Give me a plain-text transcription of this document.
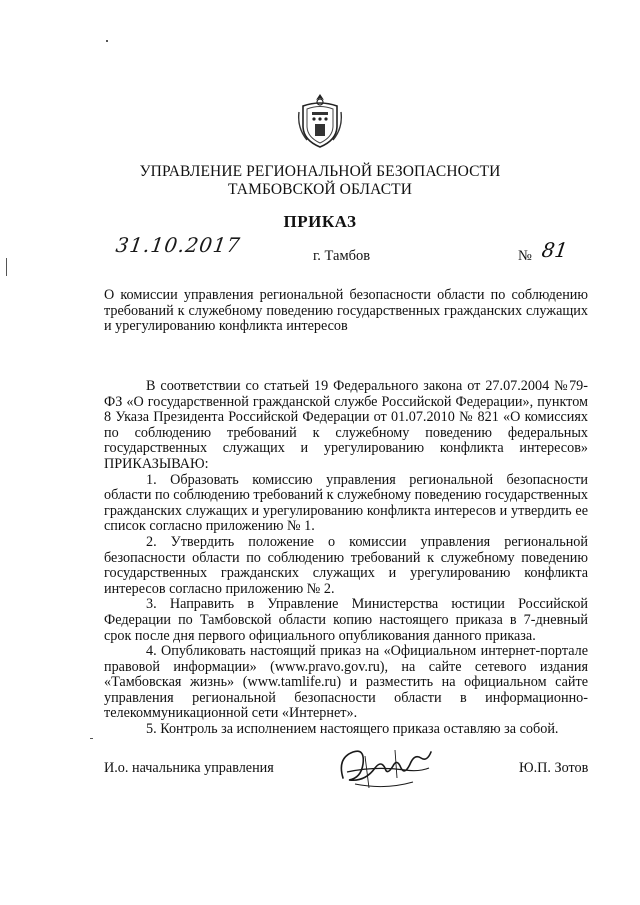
УПРАВЛЕНИЕ РЕГИОНАЛЬНОЙ БЕЗОПАСНОСТИ
ТАМБОВСКОЙ ОБЛАСТИ
ПРИКАЗ
31.10.2017	г. Тамбов	№ 81
О комиссии управления региональной безопасности области по соблюдению требований к служебному поведению государственных гражданских служащих и урегулированию конфликта интересов

В соответствии со статьей 19 Федерального закона от 27.07.2004 №79-ФЗ «О государственной гражданской службе Российской Федерации», пунктом 8 Указа Президента Российской Федерации от 01.07.2010 № 821 «О комиссиях по соблюдению требований к служебному поведению федеральных государственных служащих и урегулированию конфликта интересов» ПРИКАЗЫВАЮ:

1. Образовать комиссию управления региональной безопасности области по соблюдению требований к служебному поведению государственных гражданских служащих и урегулированию конфликта интересов и утвердить ее список согласно приложению № 1.

2. Утвердить положение о комиссии управления региональной безопасности области по соблюдению требований к служебному поведению государственных гражданских служащих и урегулированию конфликта интересов согласно приложению № 2.

3. Направить в Управление Министерства юстиции Российской Федерации по Тамбовской области копию настоящего приказа в 7-дневный срок после дня первого официального опубликования данного приказа.

4. Опубликовать настоящий приказ на «Официальном интернет-портале правовой информации» (www.pravo.gov.ru), на сайте сетевого издания «Тамбовская жизнь» (www.tamlife.ru) и разместить на официальном сайте управления региональной безопасности области в информационно-телекоммуникационной сети «Интернет».

5. Контроль за исполнением настоящего приказа оставляю за собой.

И.о. начальника управления	Ю.П. Зотов
